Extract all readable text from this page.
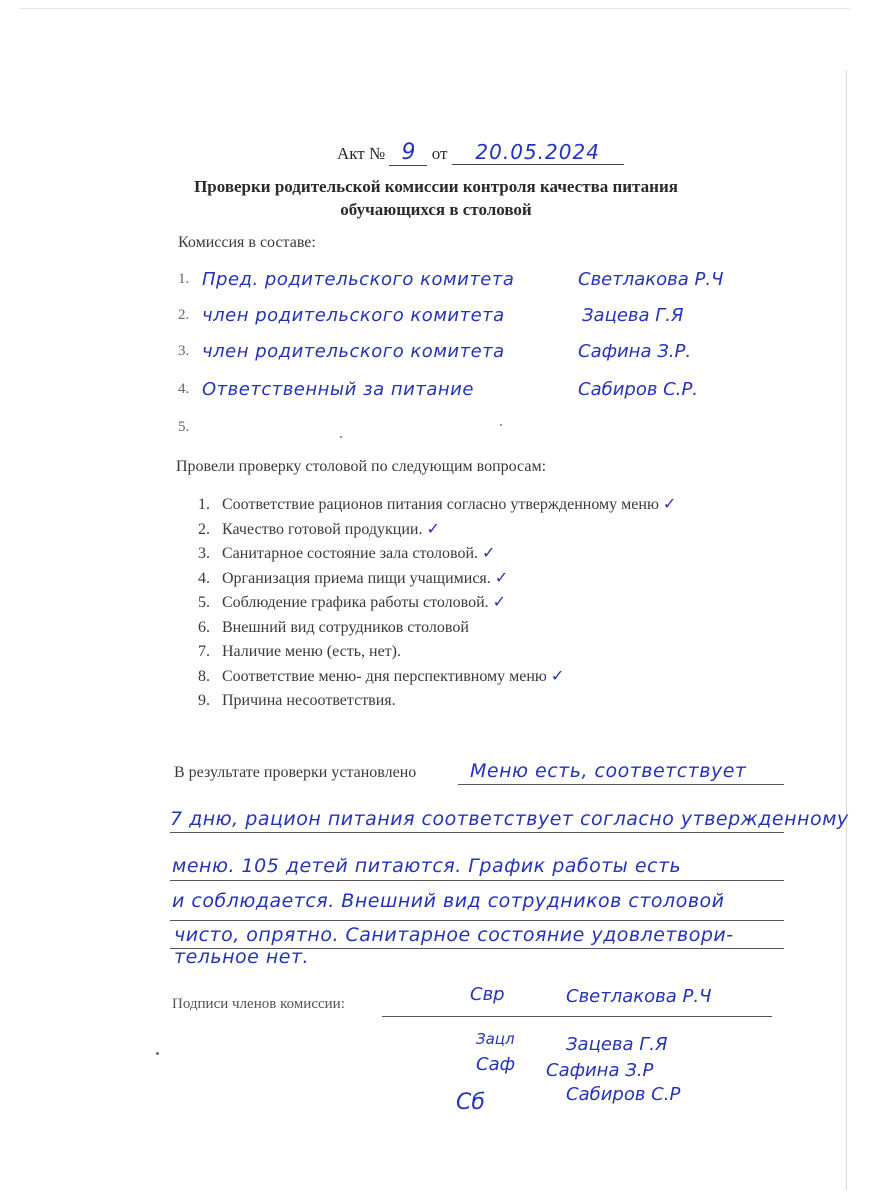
Акт № 9 от 20.05.2024
Проверки родительской комиссии контроля качества питания
обучающихся в столовой
Комиссия в составе:
1. Пред. родительского комитета	Светлакова Р.Ч
2. член родительского комитета	Зацева Г.Я
3. член родительского комитета	Сафина З.Р.
4. Ответственный за питание	Сабиров С.Р.
5.
Провели проверку столовой по следующим вопросам:
1. Соответствие рационов питания согласно утвержденному меню ✓
2. Качество готовой продукции. ✓
3. Санитарное состояние зала столовой. ✓
4. Организация приема пищи учащимися. ✓
5. Соблюдение графика работы столовой. ✓
6. Внешний вид сотрудников столовой
7. Наличие меню (есть, нет).
8. Соответствие меню- дня перспективному меню ✓
9. Причина несоответствия.
В результате проверки установлено	Меню есть, соответствует
7 дню, рацион питания соответствует согласно утвержденному
меню. 105 детей питаются. График работы есть
и соблюдается. Внешний вид сотрудников столовой
чисто, опрятно. Санитарное состояние удовлетвори-
тельное нет.
Подписи членов комиссии:	Свр	Светлакова Р.Ч
Зацл	Зацева Г.Я
Саф Сафина З.Р
Сб	Сабиров С.Р
